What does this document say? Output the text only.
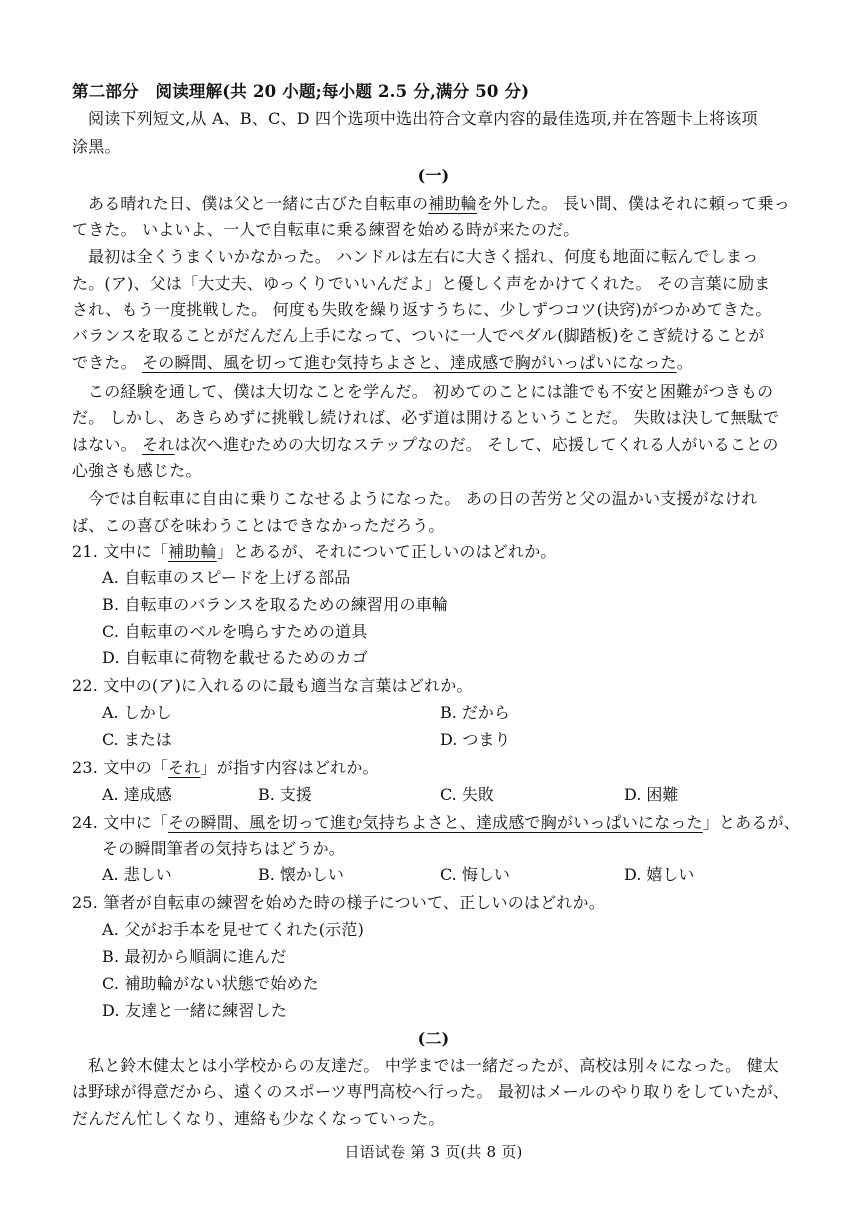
第二部分　阅读理解(共 20 小题;每小题 2.5 分,满分 50 分)
阅读下列短文,从 A、B、C、D 四个选项中选出符合文章内容的最佳选项,并在答题卡上将该项
涂黑。
(一)
ある晴れた日、僕は父と一緒に古びた自転車の補助輪を外した。 長い間、僕はそれに頼って乗っ
てきた。 いよいよ、一人で自転車に乗る練習を始める時が来たのだ。
最初は全くうまくいかなかった。 ハンドルは左右に大きく揺れ、何度も地面に転んでしまっ
た。(ア)、父は「大丈夫、ゆっくりでいいんだよ」と優しく声をかけてくれた。 その言葉に励ま
され、もう一度挑戦した。 何度も失敗を繰り返すうちに、少しずつコツ(诀窍)がつかめてきた。
バランスを取ることがだんだん上手になって、ついに一人でペダル(脚踏板)をこぎ続けることが
できた。 その瞬間、風を切って進む気持ちよさと、達成感で胸がいっぱいになった。
この経験を通して、僕は大切なことを学んだ。 初めてのことには誰でも不安と困難がつきもの
だ。 しかし、あきらめずに挑戦し続ければ、必ず道は開けるということだ。 失敗は決して無駄で
はない。 それは次へ進むための大切なステップなのだ。 そして、応援してくれる人がいることの
心強さも感じた。
今では自転車に自由に乗りこなせるようになった。 あの日の苦労と父の温かい支援がなけれ
ば、この喜びを味わうことはできなかっただろう。
21. 文中に「補助輪」とあるが、それについて正しいのはどれか。
A. 自転車のスピードを上げる部品
B. 自転車のバランスを取るための練習用の車輪
C. 自転車のベルを鳴らすための道具
D. 自転車に荷物を載せるためのカゴ
22. 文中の(ア)に入れるのに最も適当な言葉はどれか。
A. しかし	B. だから
C. または	D. つまり
23. 文中の「それ」が指す内容はどれか。
A. 達成感	B. 支援	C. 失敗	D. 困難
24. 文中に「その瞬間、風を切って進む気持ちよさと、達成感で胸がいっぱいになった」とあるが、
その瞬間筆者の気持ちはどうか。
A. 悲しい	B. 懐かしい	C. 悔しい	D. 嬉しい
25. 筆者が自転車の練習を始めた時の様子について、正しいのはどれか。
A. 父がお手本を見せてくれた(示范)
B. 最初から順調に進んだ
C. 補助輪がない状態で始めた
D. 友達と一緒に練習した
(二)
私と鈴木健太とは小学校からの友達だ。 中学までは一緒だったが、高校は別々になった。 健太
は野球が得意だから、遠くのスポーツ専門高校へ行った。 最初はメールのやり取りをしていたが、
だんだん忙しくなり、連絡も少なくなっていった。
日语试卷 第 3 页(共 8 页)
